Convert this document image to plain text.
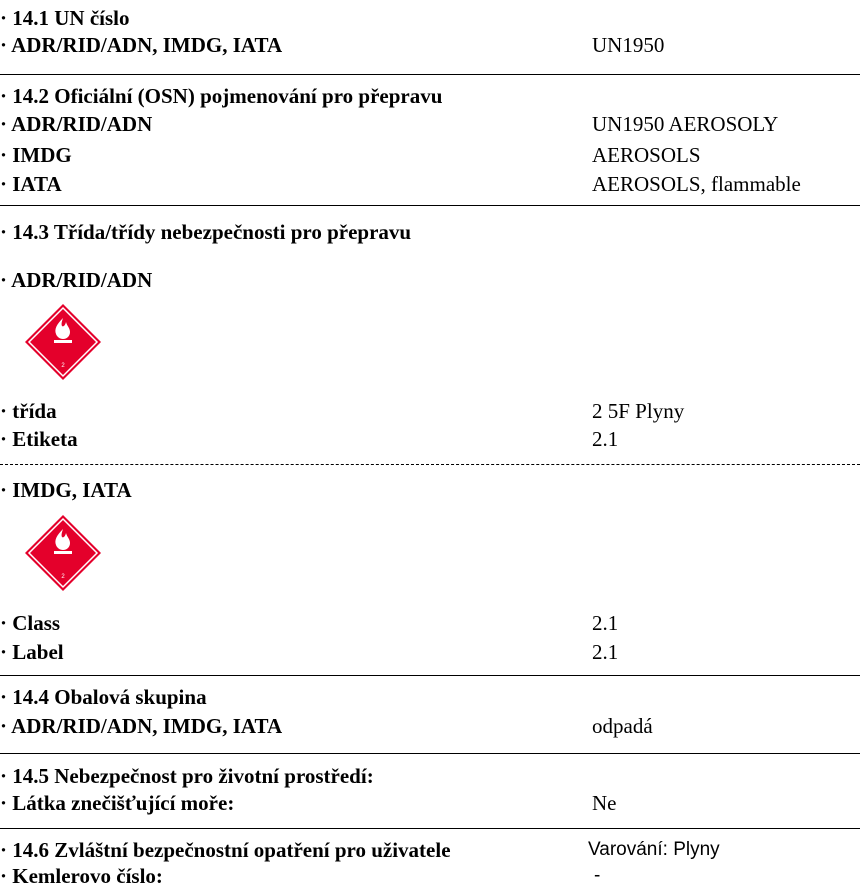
· 14.1 UN číslo
· ADR/RID/ADN, IMDG, IATA	UN1950
· 14.2 Oficiální (OSN) pojmenování pro přepravu
· ADR/RID/ADN	UN1950 AEROSOLY
· IMDG	AEROSOLS
· IATA	AEROSOLS, flammable
· 14.3 Třída/třídy nebezpečnosti pro přepravu
· ADR/RID/ADN
2
· třída	2 5F Plyny
· Etiketa	2.1
· IMDG, IATA
2
· Class	2.1
· Label	2.1
· 14.4 Obalová skupina
· ADR/RID/ADN, IMDG, IATA	odpadá
· 14.5 Nebezpečnost pro životní prostředí:
· Látka znečišťující moře:	Ne
· 14.6 Zvláštní bezpečnostní opatření pro uživatele	Varování: Plyny
· Kemlerovo číslo:	-
